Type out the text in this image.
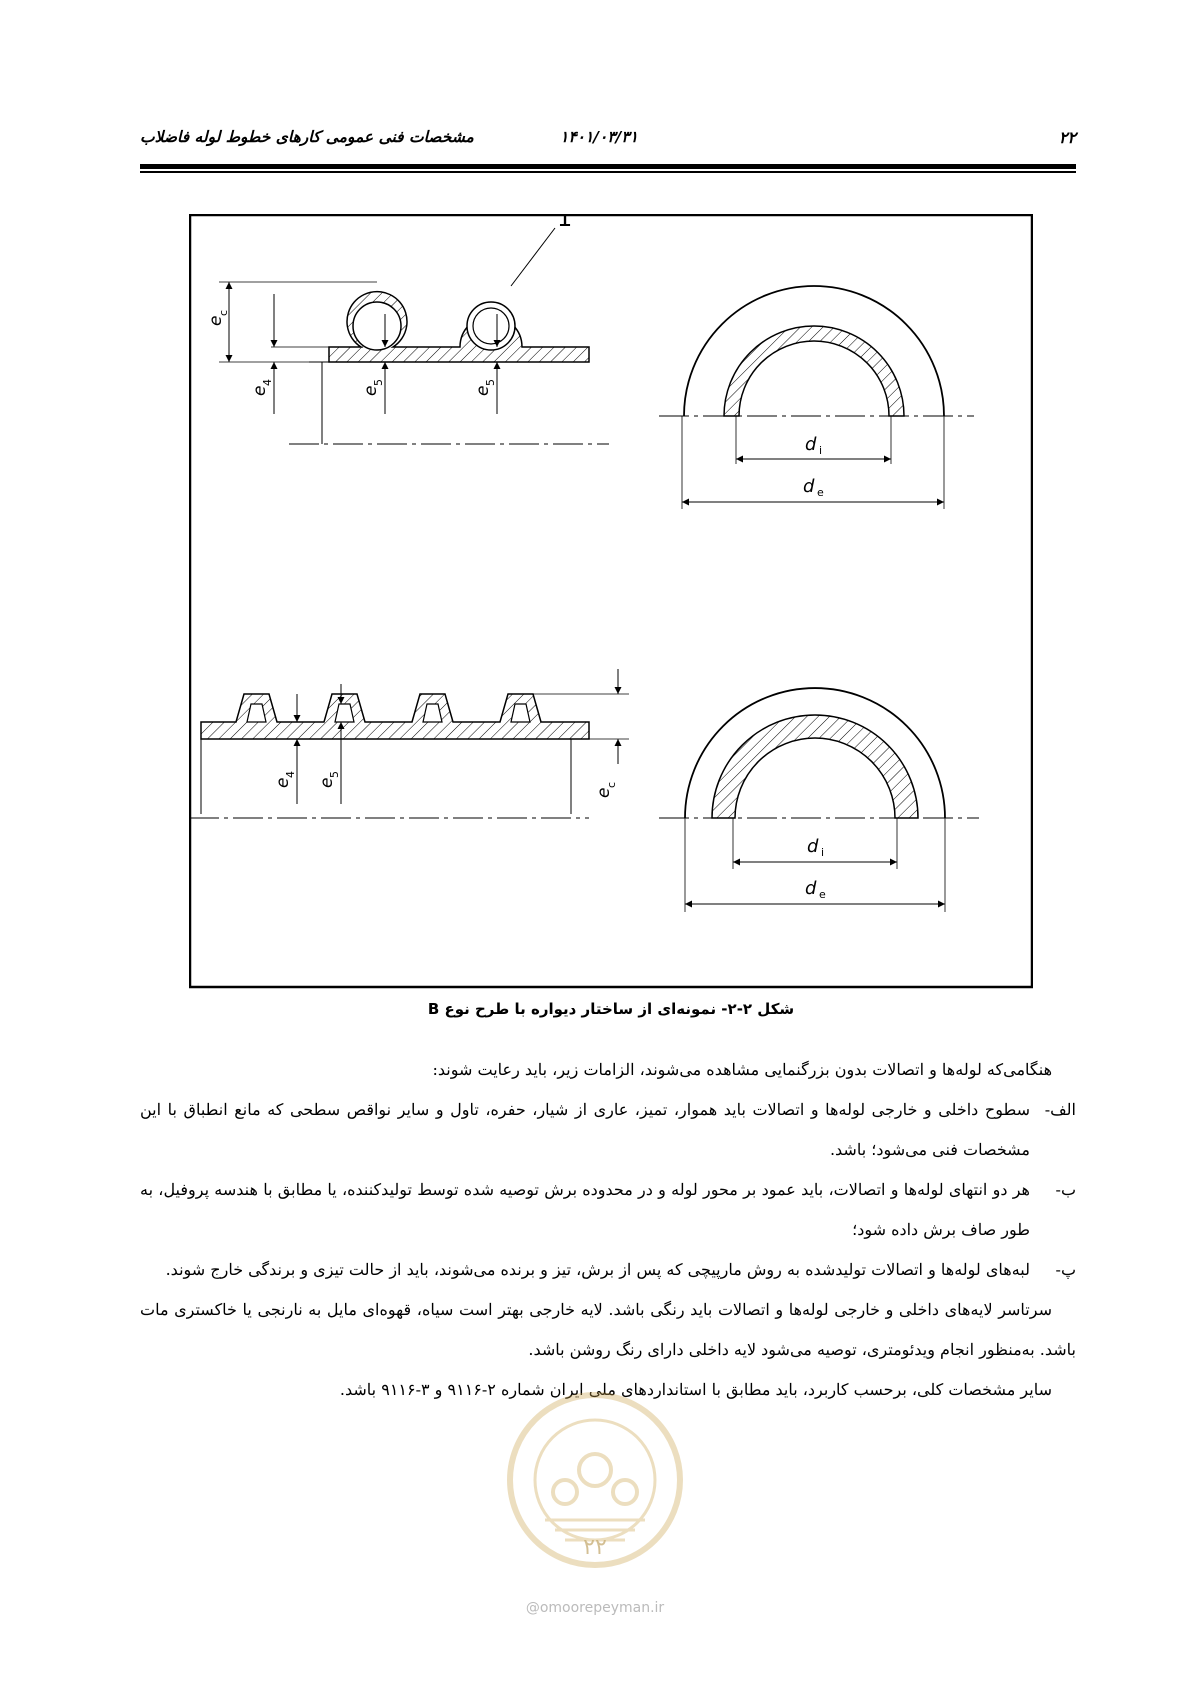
۲۲
۱۴۰۱/۰۳/۳۱
مشخصات فنی عمومی کارهای خطوط لوله فاضلاب
1
e
c
e
4
e
5
e
5
d i
d e
e
4
e
5
e
c
d i
d e
شکل ۲-۲- نمونه‌ای از ساختار دیواره با طرح نوع B

هنگامی‌که لوله‌ها و اتصالات بدون بزرگنمایی مشاهده می‌شوند، الزامات زیر، باید رعایت شوند:

الف-سطوح داخلی و خارجی لوله‌ها و اتصالات باید هموار، تمیز، عاری از شیار، حفره، تاول و سایر نواقص سطحی که مانع انطباق با این مشخصات فنی می‌شود؛ باشد.

ب-هر دو انتهای لوله‌ها و اتصالات، باید عمود بر محور لوله و در محدوده برش توصیه شده توسط تولیدکننده، یا مطابق با هندسه پروفیل، به طور صاف برش داده شود؛

پ-لبه‌های لوله‌ها و اتصالات تولیدشده به روش مارپیچی که پس از برش، تیز و برنده می‌شوند، باید از حالت تیزی و برندگی خارج شوند.

سرتاسر لایه‌های داخلی و خارجی لوله‌ها و اتصالات باید رنگی باشد. لایه خارجی بهتر است سیاه، قهوه‌ای مایل به نارنجی یا خاکستری مات باشد. به‌منظور انجام ویدئومتری، توصیه می‌شود لایه داخلی دارای رنگ روشن باشد.

سایر مشخصات کلی، برحسب کاربرد، باید مطابق با استانداردهای ملی ایران شماره ۲-۹۱۱۶ و ۳-۹۱۱۶ باشد.

۲۲
@omoorepeyman.ir
